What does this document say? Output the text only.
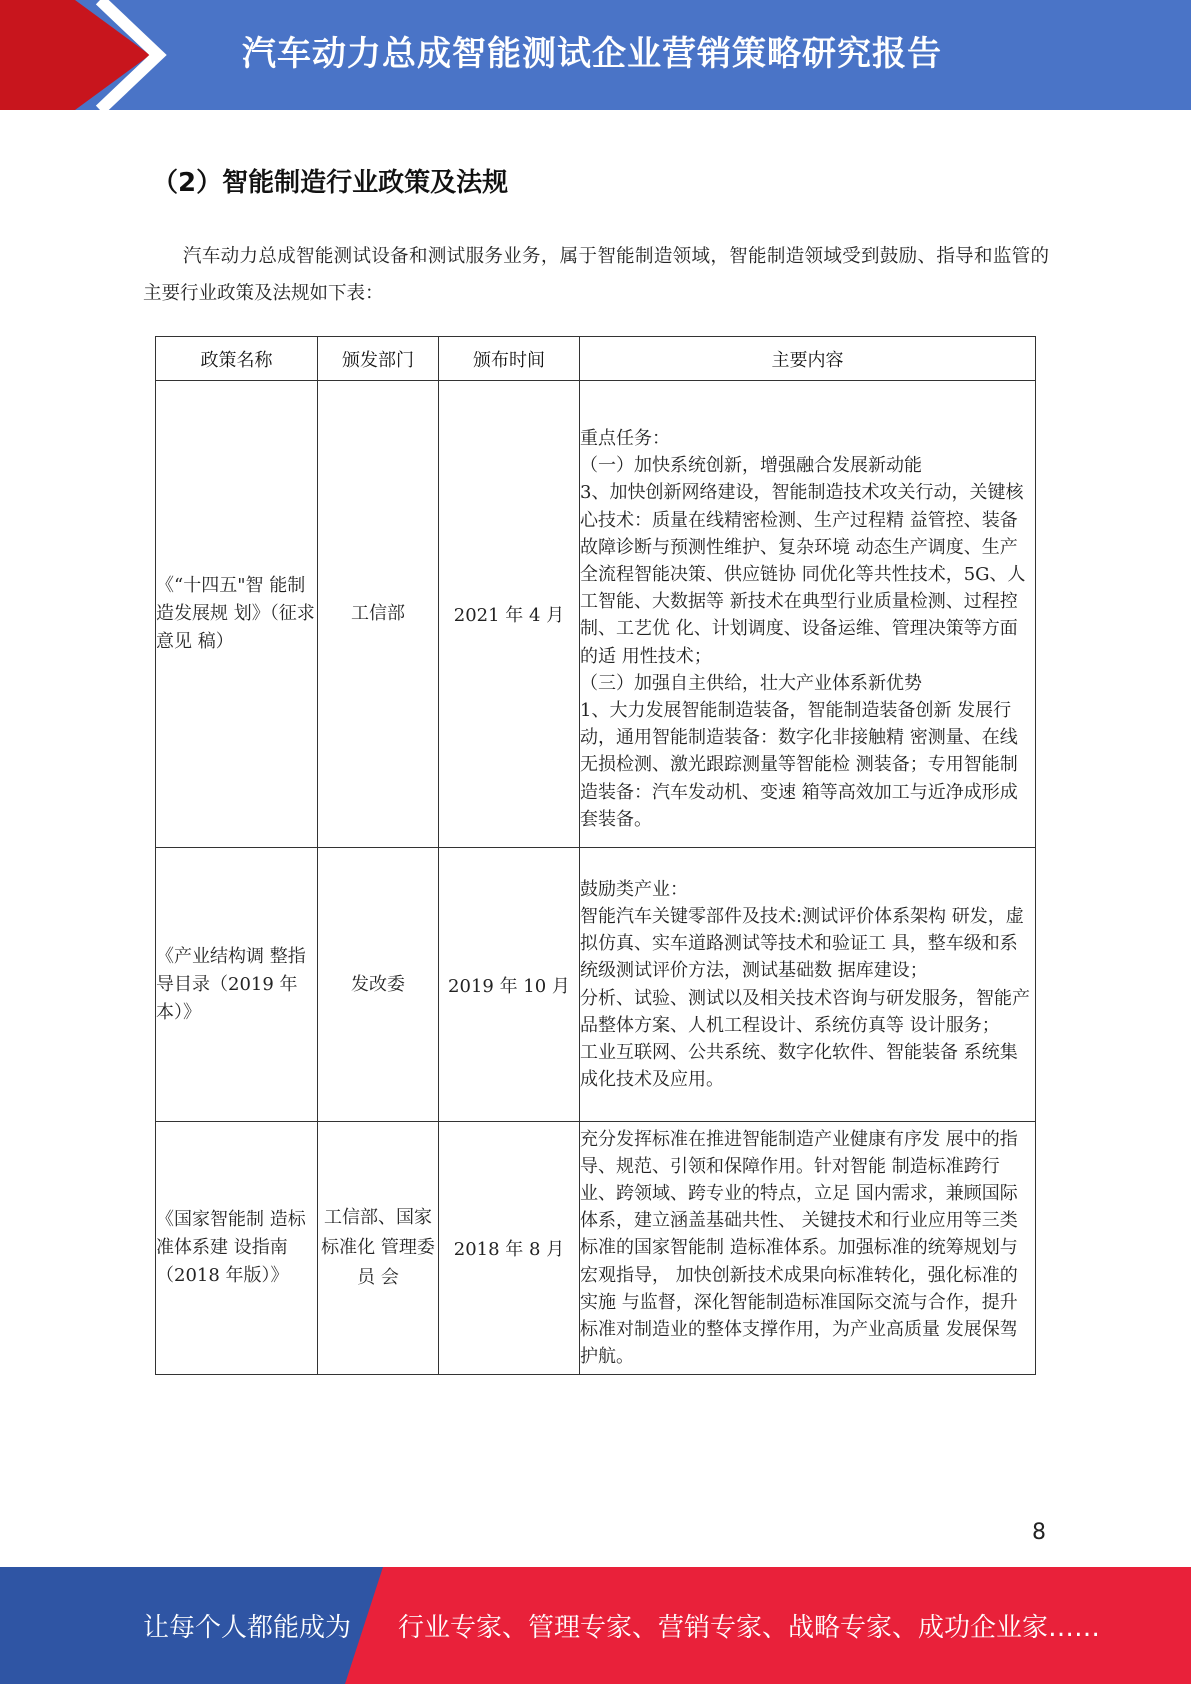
汽车动力总成智能测试企业营销策略研究报告
（2）智能制造行业政策及法规

汽车动力总成智能测试设备和测试服务业务，属于智能制造领域，智能制造领域受到鼓励、指导和监管的主要行业政策及法规如下表：

政策名称	颁发部门	颁布时间	主要内容
《“十四五"智 能制造发展规 划》（征求意见 稿）	工信部	2021 年 4 月	重点任务：
（一）加快系统创新，增强融合发展新动能
3、加快创新网络建设，智能制造技术攻关行动，关键核心技术：质量在线精密检测、生产过程精 益管控、装备故障诊断与预测性维护、复杂环境 动态生产调度、生产全流程智能决策、供应链协 同优化等共性技术，5G、人工智能、大数据等 新技术在典型行业质量检测、过程控制、工艺优 化、计划调度、设备运维、管理决策等方面的适 用性技术；
（三）加强自主供给，壮大产业体系新优势
1、大力发展智能制造装备，智能制造装备创新 发展行动，通用智能制造装备：数字化非接触精 密测量、在线无损检测、激光跟踪测量等智能检 测装备；专用智能制造装备：汽车发动机、变速 箱等高效加工与近净成形成套装备。

《产业结构调 整指导目录（2019 年本）》	发改委	2019 年 10 月	鼓励类产业：
智能汽车关键零部件及技术:测试评价体系架构 研发，虚拟仿真、实车道路测试等技术和验证工 具，整车级和系统级测试评价方法，测试基础数 据库建设；
分析、试验、测试以及相关技术咨询与研发服务，智能产品整体方案、人机工程设计、系统仿真等 设计服务；
工业互联网、公共系统、数字化软件、智能装备 系统集成化技术及应用。

《国家智能制 造标准体系建 设指南（2018 年版）》	工信部、国家标准化 管理委员 会	2018 年 8 月	充分发挥标准在推进智能制造产业健康有序发 展中的指导、规范、引领和保障作用。针对智能 制造标准跨行业、跨领域、跨专业的特点，立足 国内需求，兼顾国际体系，建立涵盖基础共性、 关键技术和行业应用等三类标准的国家智能制 造标准体系。加强标准的统筹规划与宏观指导， 加快创新技术成果向标准转化，强化标准的实施 与监督，深化智能制造标准国际交流与合作，提升标准对制造业的整体支撑作用，为产业高质量 发展保驾护航。
8
让每个人都能成为 行业专家、管理专家、营销专家、战略专家、成功企业家……
